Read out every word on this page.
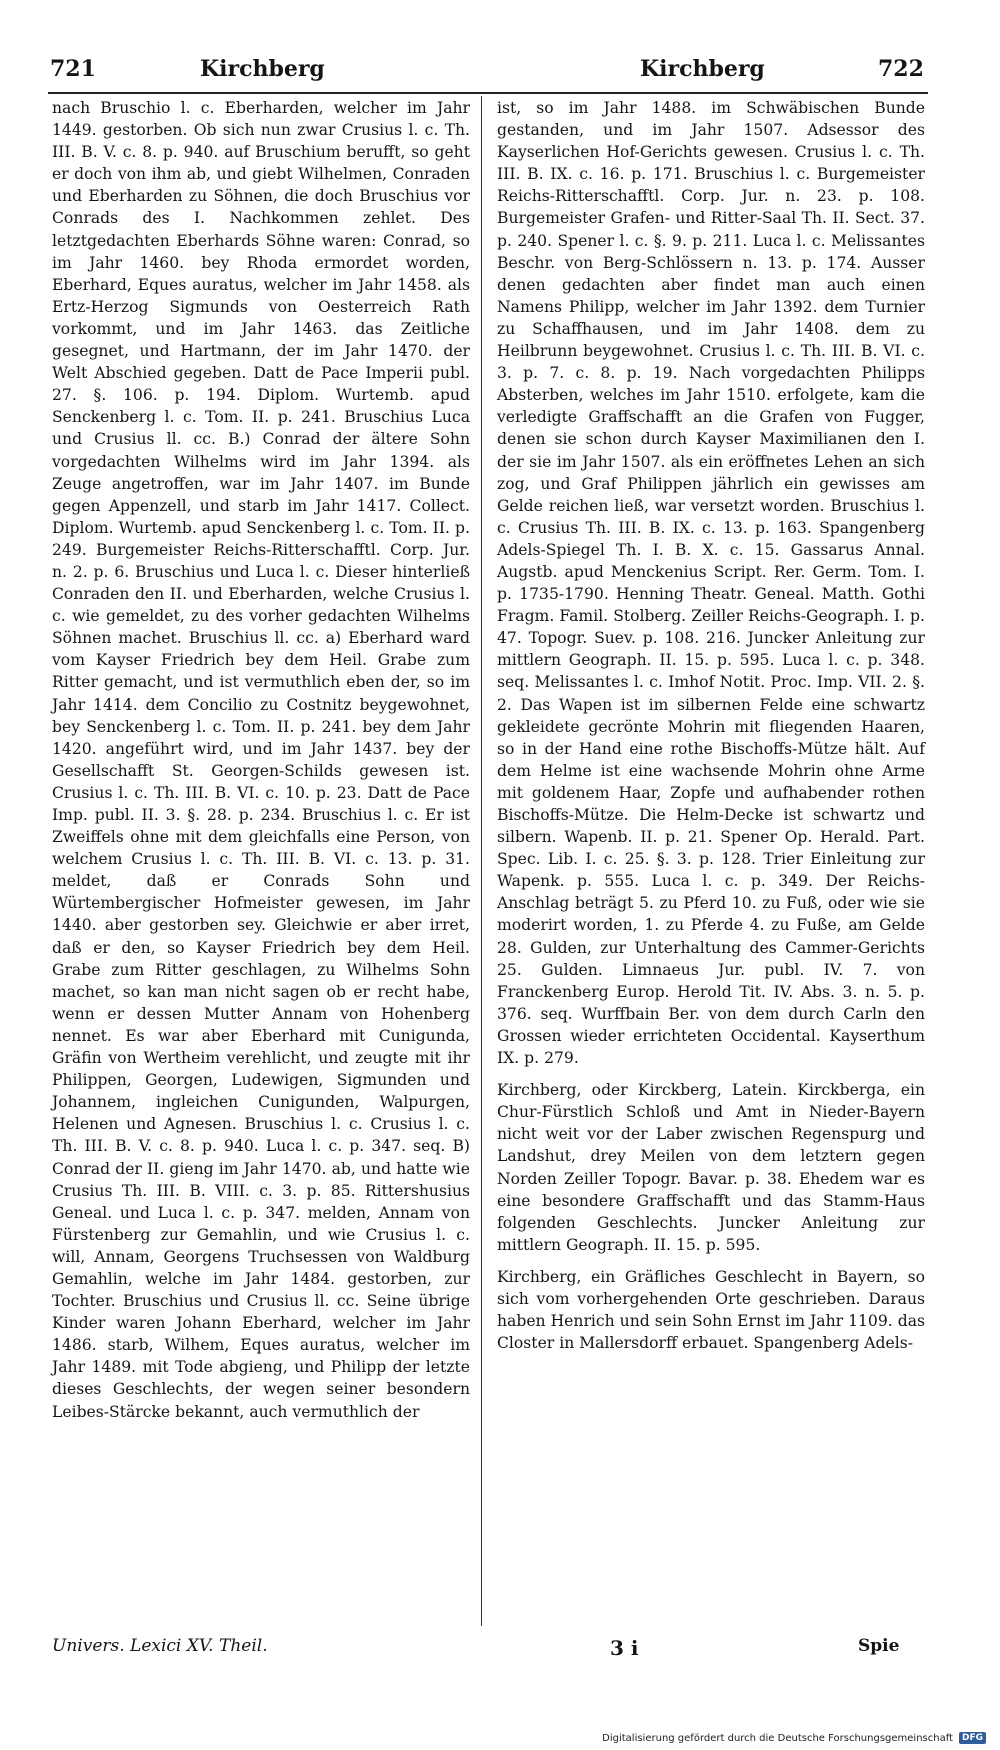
721	Kirchberg	Kirchberg	722

nach Bruschio l. c. Eberharden, welcher im Jahr 1449. gestorben. Ob sich nun zwar Crusius l. c. Th. III. B. V. c. 8. p. 940. auf Bruschium berufft, so geht er doch von ihm ab, und giebt Wilhelmen, Conraden und Eberharden zu Söhnen, die doch Bruschius vor Conrads des I. Nachkommen zehlet. Des letztgedachten Eberhards Söhne waren: Conrad, so im Jahr 1460. bey Rhoda ermordet worden, Eberhard, Eques auratus, welcher im Jahr 1458. als Ertz-Herzog Sigmunds von Oesterreich Rath vorkommt, und im Jahr 1463. das Zeitliche gesegnet, und Hartmann, der im Jahr 1470. der Welt Abschied gegeben. Datt de Pace Imperii publ. 27. §. 106. p. 194. Diplom. Wurtemb. apud Senckenberg l. c. Tom. II. p. 241. Bruschius Luca und Crusius ll. cc. B.) Conrad der ältere Sohn vorgedachten Wilhelms wird im Jahr 1394. als Zeuge angetroffen, war im Jahr 1407. im Bunde gegen Appenzell, und starb im Jahr 1417. Collect. Diplom. Wurtemb. apud Senckenberg l. c. Tom. II. p. 249. Burgemeister Reichs-Ritterschafftl. Corp. Jur. n. 2. p. 6. Bruschius und Luca l. c. Dieser hinterließ Conraden den II. und Eberharden, welche Crusius l. c. wie gemeldet, zu des vorher gedachten Wilhelms Söhnen machet. Bruschius ll. cc. a) Eberhard ward vom Kayser Friedrich bey dem Heil. Grabe zum Ritter gemacht, und ist vermuthlich eben der, so im Jahr 1414. dem Concilio zu Costnitz beygewohnet, bey Senckenberg l. c. Tom. II. p. 241. bey dem Jahr 1420. angeführt wird, und im Jahr 1437. bey der Gesellschafft St. Georgen-Schilds gewesen ist. Crusius l. c. Th. III. B. VI. c. 10. p. 23. Datt de Pace Imp. publ. II. 3. §. 28. p. 234. Bruschius l. c. Er ist Zweiffels ohne mit dem gleichfalls eine Person, von welchem Crusius l. c. Th. III. B. VI. c. 13. p. 31. meldet, daß er Conrads Sohn und Würtembergischer Hofmeister gewesen, im Jahr 1440. aber gestorben sey. Gleichwie er aber irret, daß er den, so Kayser Friedrich bey dem Heil. Grabe zum Ritter geschlagen, zu Wilhelms Sohn machet, so kan man nicht sagen ob er recht habe, wenn er dessen Mutter Annam von Hohenberg nennet. Es war aber Eberhard mit Cunigunda, Gräfin von Wertheim verehlicht, und zeugte mit ihr Philippen, Georgen, Ludewigen, Sigmunden und Johannem, ingleichen Cunigunden, Walpurgen, Helenen und Agnesen. Bruschius l. c. Crusius l. c. Th. III. B. V. c. 8. p. 940. Luca l. c. p. 347. seq. B) Conrad der II. gieng im Jahr 1470. ab, und hatte wie Crusius Th. III. B. VIII. c. 3. p. 85. Rittershusius Geneal. und Luca l. c. p. 347. melden, Annam von Fürstenberg zur Gemahlin, und wie Crusius l. c. will, Annam, Georgens Truchsessen von Waldburg Gemahlin, welche im Jahr 1484. gestorben, zur Tochter. Bruschius und Crusius ll. cc. Seine übrige Kinder waren Johann Eberhard, welcher im Jahr 1486. starb, Wilhem, Eques auratus, welcher im Jahr 1489. mit Tode abgieng, und Philipp der letzte dieses Geschlechts, der wegen seiner besondern Leibes-Stärcke bekannt, auch vermuthlich der

ist, so im Jahr 1488. im Schwäbischen Bunde gestanden, und im Jahr 1507. Adsessor des Kayserlichen Hof-Gerichts gewesen. Crusius l. c. Th. III. B. IX. c. 16. p. 171. Bruschius l. c. Burgemeister Reichs-Ritterschafftl. Corp. Jur. n. 23. p. 108. Burgemeister Grafen- und Ritter-Saal Th. II. Sect. 37. p. 240. Spener l. c. §. 9. p. 211. Luca l. c. Melissantes Beschr. von Berg-Schlössern n. 13. p. 174. Ausser denen gedachten aber findet man auch einen Namens Philipp, welcher im Jahr 1392. dem Turnier zu Schaffhausen, und im Jahr 1408. dem zu Heilbrunn beygewohnet. Crusius l. c. Th. III. B. VI. c. 3. p. 7. c. 8. p. 19. Nach vorgedachten Philipps Absterben, welches im Jahr 1510. erfolgete, kam die verledigte Graffschafft an die Grafen von Fugger, denen sie schon durch Kayser Maximilianen den I. der sie im Jahr 1507. als ein eröffnetes Lehen an sich zog, und Graf Philippen jährlich ein gewisses am Gelde reichen ließ, war versetzt worden. Bruschius l. c. Crusius Th. III. B. IX. c. 13. p. 163. Spangenberg Adels-Spiegel Th. I. B. X. c. 15. Gassarus Annal. Augstb. apud Menckenius Script. Rer. Germ. Tom. I. p. 1735-1790. Henning Theatr. Geneal. Matth. Gothi Fragm. Famil. Stolberg. Zeiller Reichs-Geograph. I. p. 47. Topogr. Suev. p. 108. 216. Juncker Anleitung zur mittlern Geograph. II. 15. p. 595. Luca l. c. p. 348. seq. Melissantes l. c. Imhof Notit. Proc. Imp. VII. 2. §. 2. Das Wapen ist im silbernen Felde eine schwartz gekleidete gecrönte Mohrin mit fliegenden Haaren, so in der Hand eine rothe Bischoffs-Mütze hält. Auf dem Helme ist eine wachsende Mohrin ohne Arme mit goldenem Haar, Zopfe und aufhabender rothen Bischoffs-Mütze. Die Helm-Decke ist schwartz und silbern. Wapenb. II. p. 21. Spener Op. Herald. Part. Spec. Lib. I. c. 25. §. 3. p. 128. Trier Einleitung zur Wapenk. p. 555. Luca l. c. p. 349. Der Reichs-Anschlag beträgt 5. zu Pferd 10. zu Fuß, oder wie sie moderirt worden, 1. zu Pferde 4. zu Fuße, am Gelde 28. Gulden, zur Unterhaltung des Cammer-Gerichts 25. Gulden. Limnaeus Jur. publ. IV. 7. von Franckenberg Europ. Herold Tit. IV. Abs. 3. n. 5. p. 376. seq. Wurffbain Ber. von dem durch Carln den Grossen wieder errichteten Occidental. Kayserthum IX. p. 279.

Kirchberg, oder Kirckberg, Latein. Kirckberga, ein Chur-Fürstlich Schloß und Amt in Nieder-Bayern nicht weit vor der Laber zwischen Regenspurg und Landshut, drey Meilen von dem letztern gegen Norden Zeiller Topogr. Bavar. p. 38. Ehedem war es eine besondere Graffschafft und das Stamm-Haus folgenden Geschlechts. Juncker Anleitung zur mittlern Geograph. II. 15. p. 595.

Kirchberg, ein Gräfliches Geschlecht in Bayern, so sich vom vorhergehenden Orte geschrieben. Daraus haben Henrich und sein Sohn Ernst im Jahr 1109. das Closter in Mallersdorff erbauet. Spangenberg Adels-

Univers. Lexici XV. Theil.	3 i	Spie
Digitalisierung gefördert durch die Deutsche Forschungsgemeinschaft	DFG
